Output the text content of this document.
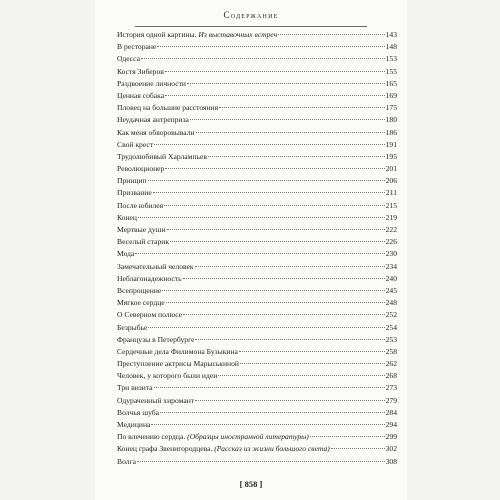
Содержание
История одной картины. Из выставочных встреч	143
В ресторане	148
Одесса	153
Костя Зиберов	155
Раздвоение личности	165
Ценная собака	169
Пловец на большие расстояния	175
Неудачная антреприза	180
Как меня обворовывали	186
Свой крест	191
Трудолюбивый Харлампьев	195
Революционер	201
Принцип	206
Призвание	211
После юбилея	215
Конец	219
Мертвые души	222
Веселый старик	226
Мода	230
Замечательный человек	234
Неблагонадежность	240
Всепрощение	245
Мягкое сердце	248
О Северном полюсе	252
Безрыбье	254
Французы в Петербурге	253
Сердечные дела Филимона Бузыкина	258
Преступление актрисы Марыськиной	262
Человек, у которого были идеи	268
Три визита	273
Одураченный хиромант	279
Волчья шуба	284
Медицина	294
По влечению сердца. (Образцы иностранной литературы)	299
Конец графа Звенигородцева. (Рассказ из жизни большого света)	302
Волга	308
[ 858 ]
